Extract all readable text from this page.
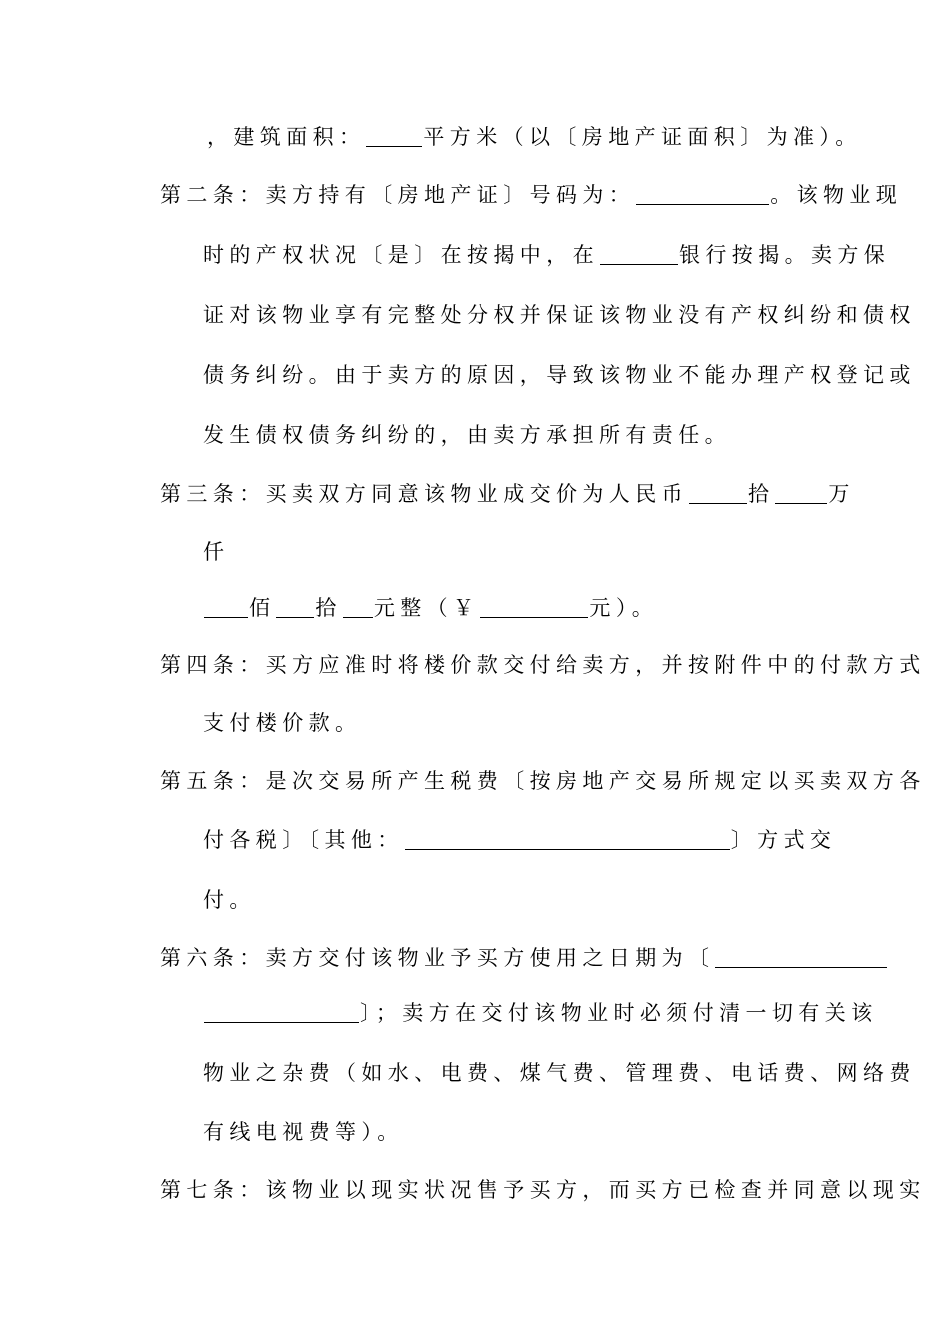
，建筑面积：	平方米（以〔房地产证面积〕为准）。
第二条：卖方持有〔房地产证〕号码为：	。该物业现
时的产权状况〔是〕在按揭中，在	银行按揭。卖方保
证对该物业享有完整处分权并保证该物业没有产权纠纷和债权
债务纠纷。由于卖方的原因，导致该物业不能办理产权登记或
发生债权债务纠纷的，由卖方承担所有责任。
第三条：买卖双方同意该物业成交价为人民币	拾	万
仟
佰 拾 元整（￥	元）。
第四条：买方应准时将楼价款交付给卖方，并按附件中的付款方式
支付楼价款。
第五条：是次交易所产生税费〔按房地产交易所规定以买卖双方各
付各税〕〔其他：	〕方式交
付。
第六条：卖方交付该物业予买方使用之日期为〔
〕；卖方在交付该物业时必须付清一切有关该
物业之杂费（如水、电费、煤气费、管理费、电话费、网络费
有线电视费等）。
第七条：该物业以现实状况售予买方，而买方已检查并同意以现实
